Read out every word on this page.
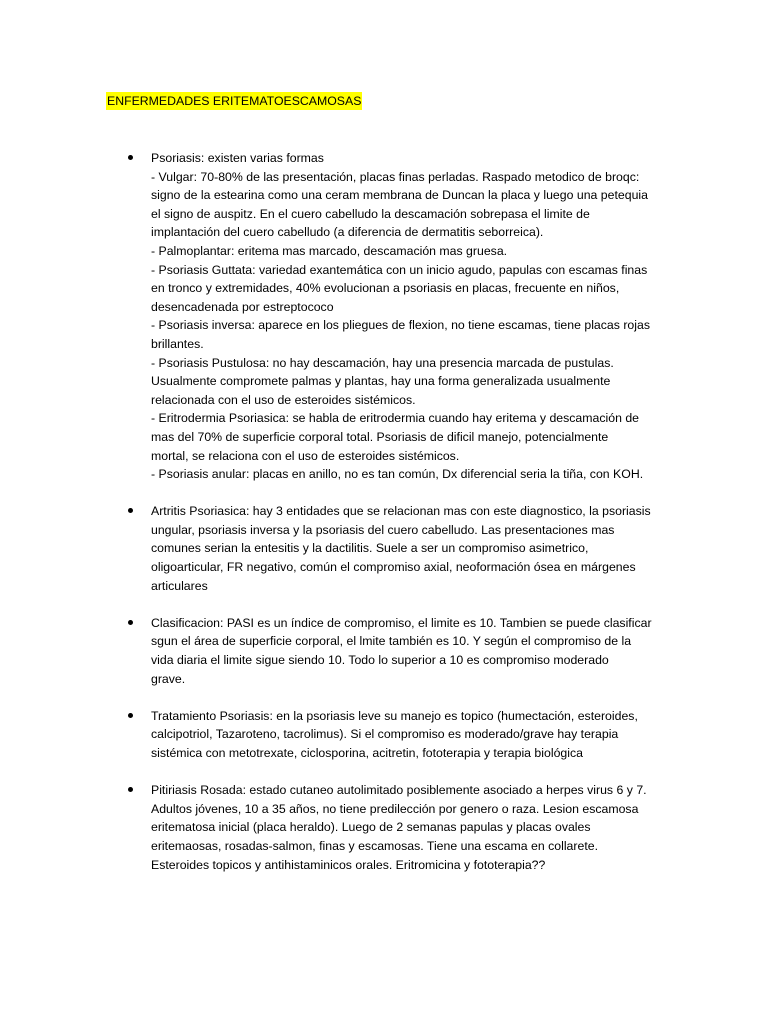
ENFERMEDADES ERITEMATOESCAMOSAS
Psoriasis: existen varias formas
- Vulgar: 70-80% de las presentación, placas finas perladas. Raspado metodico de broqc:
signo de la estearina como una ceram membrana de Duncan la placa y luego una petequia
el signo de auspitz. En el cuero cabelludo la descamación sobrepasa el limite de
implantación del cuero cabelludo (a diferencia de dermatitis seborreica).
- Palmoplantar: eritema mas marcado, descamación mas gruesa.
- Psoriasis Guttata: variedad exantemática con un inicio agudo, papulas con escamas finas
en tronco y extremidades, 40% evolucionan a psoriasis en placas, frecuente en niños,
desencadenada por estreptococo
- Psoriasis inversa: aparece en los pliegues de flexion, no tiene escamas, tiene placas rojas
brillantes.
- Psoriasis Pustulosa: no hay descamación, hay una presencia marcada de pustulas.
Usualmente compromete palmas y plantas, hay una forma generalizada usualmente
relacionada con el uso de esteroides sistémicos.
- Eritrodermia Psoriasica: se habla de eritrodermia cuando hay eritema y descamación de
mas del 70% de superficie corporal total. Psoriasis de dificil manejo, potencialmente
mortal, se relaciona con el uso de esteroides sistémicos.
- Psoriasis anular: placas en anillo, no es tan común, Dx diferencial seria la tiña, con KOH.
Artritis Psoriasica: hay 3 entidades que se relacionan mas con este diagnostico, la psoriasis
ungular, psoriasis inversa y la psoriasis del cuero cabelludo. Las presentaciones mas
comunes serian la entesitis y la dactilitis. Suele a ser un compromiso asimetrico,
oligoarticular, FR negativo, común el compromiso axial, neoformación ósea en márgenes
articulares
Clasificacion: PASI es un índice de compromiso, el limite es 10. Tambien se puede clasificar
sgun el área de superficie corporal, el lmite también es 10. Y según el compromiso de la
vida diaria el limite sigue siendo 10. Todo lo superior a 10 es compromiso moderado
grave.
Tratamiento Psoriasis: en la psoriasis leve su manejo es topico (humectación, esteroides,
calcipotriol, Tazaroteno, tacrolimus). Si el compromiso es moderado/grave hay terapia
sistémica con metotrexate, ciclosporina, acitretin, fototerapia y terapia biológica
Pitiriasis Rosada: estado cutaneo autolimitado posiblemente asociado a herpes virus 6 y 7.
Adultos jóvenes, 10 a 35 años, no tiene predilección por genero o raza. Lesion escamosa
eritematosa inicial (placa heraldo). Luego de 2 semanas papulas y placas ovales
eritemaosas, rosadas-salmon, finas y escamosas. Tiene una escama en collarete.
Esteroides topicos y antihistaminicos orales. Eritromicina y fototerapia??
